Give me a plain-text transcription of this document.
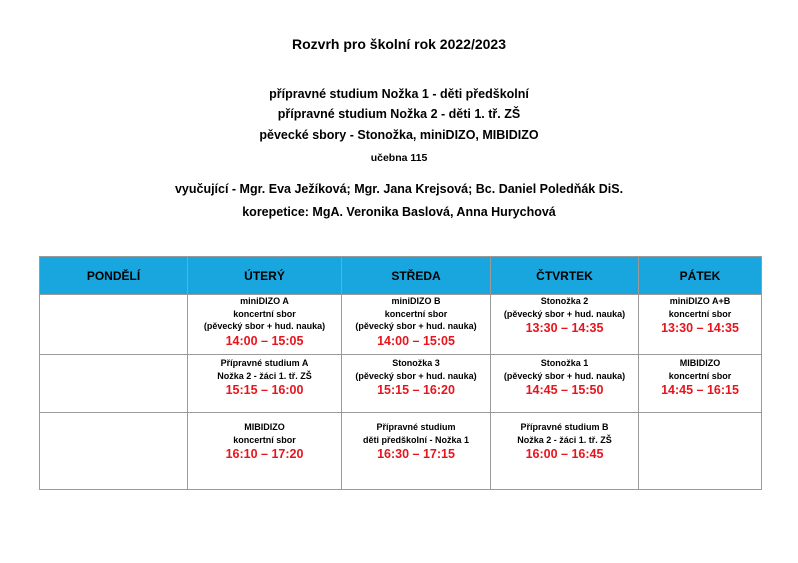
Rozvrh pro školní rok 2022/2023
přípravné studium Nožka 1 - děti předškolní
přípravné studium Nožka 2 - děti 1. tř. ZŠ
pěvecké sbory - Stonožka, miniDIZO, MIBIDIZO
učebna 115
vyučující - Mgr. Eva Ježíková; Mgr. Jana Krejsová; Bc. Daniel Poledňák DiS.
korepetice: MgA. Veronika Baslová, Anna Hurychová
PONDĚLÍ	ÚTERÝ	STŘEDA	ČTVRTEK	PÁTEK

	miniDIZO A
koncertní sbor
(pěvecký sbor + hud. nauka)
14:00 – 15:05	miniDIZO B
koncertní sbor
(pěvecký sbor + hud. nauka)
14:00 – 15:05	Stonožka 2
(pěvecký sbor + hud. nauka)
13:30 – 14:35	miniDIZO A+B
koncertní sbor
13:30 – 14:35

	Přípravné studium A
Nožka 2 - žáci 1. tř. ZŠ
15:15 – 16:00	Stonožka 3
(pěvecký sbor + hud. nauka)
15:15 – 16:20	Stonožka 1
(pěvecký sbor + hud. nauka)
14:45 – 15:50	MIBIDIZO
koncertní sbor
14:45 – 16:15

	MIBIDIZO
koncertní sbor
16:10 – 17:20	Přípravné studium
děti předškolní - Nožka 1
16:30 – 17:15	Přípravné studium B
Nožka 2 - žáci 1. tř. ZŠ
16:00 – 16:45	
